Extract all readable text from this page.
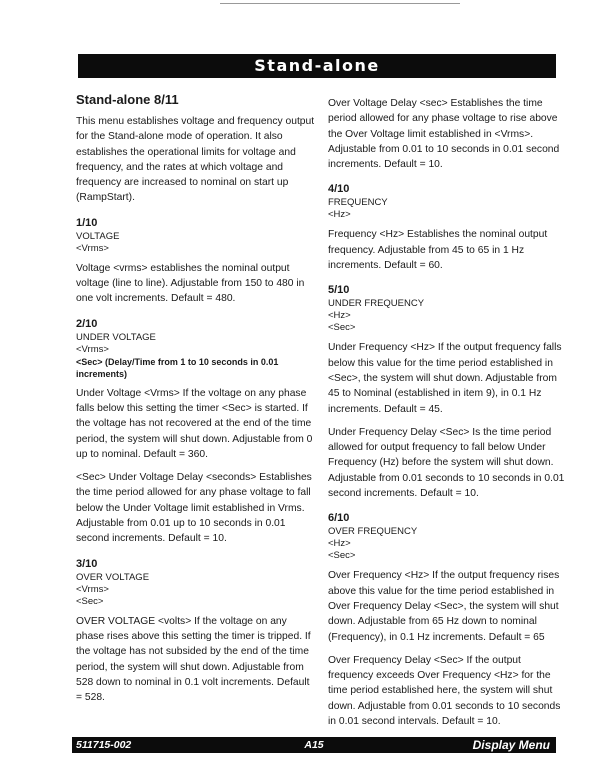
Stand-alone
Stand-alone 8/11

This menu establishes voltage and frequency output for the Stand-alone mode of operation. It also establishes the operational limits for voltage and frequency, and the rates at which voltage and frequency are increased to nominal on start up (RampStart).

1/10
VOLTAGE
<Vrms>

Voltage <vrms> establishes the nominal output voltage (line to line). Adjustable from 150 to 480 in one volt increments. Default = 480.

2/10
UNDER VOLTAGE
<Vrms>
<Sec> (Delay/Time from 1 to 10 seconds in 0.01 increments)

Under Voltage <Vrms> If the voltage on any phase falls below this setting the timer <Sec> is started. If the voltage has not recovered at the end of the time period, the system will shut down. Adjustable from 0 up to nominal. Default = 360.

<Sec> Under Voltage Delay <seconds> Establishes the time period allowed for any phase voltage to fall below the Under Voltage limit established in Vrms. Adjustable from 0.01 up to 10 seconds in 0.01 second increments. Default = 10.

3/10
OVER VOLTAGE
<Vrms>
<Sec>

OVER VOLTAGE <volts> If the voltage on any phase rises above this setting the timer is tripped. If the voltage has not subsided by the end of the time period, the system will shut down. Adjustable from 528 down to nominal in 0.1 volt increments. Default = 528.

Over Voltage Delay <sec> Establishes the time period allowed for any phase voltage to rise above the Over Voltage limit established in <Vrms>. Adjustable from 0.01 to 10 seconds in 0.01 second increments. Default = 10.

4/10
FREQUENCY
<Hz>

Frequency <Hz> Establishes the nominal output frequency. Adjustable from 45 to 65 in 1 Hz increments. Default = 60.

5/10
UNDER FREQUENCY
<Hz>
<Sec>

Under Frequency <Hz> If the output frequency falls below this value for the time period established in <Sec>, the system will shut down. Adjustable from 45 to Nominal (established in item 9), in 0.1 Hz increments. Default = 45.

Under Frequency Delay <Sec> Is the time period allowed for output frequency to fall below Under Frequency (Hz) before the system will shut down. Adjustable from 0.01 seconds to 10 seconds in 0.01 second increments. Default = 10.

6/10
OVER FREQUENCY
<Hz>
<Sec>

Over Frequency <Hz> If the output frequency rises above this value for the time period established in Over Frequency Delay <Sec>, the system will shut down. Adjustable from 65 Hz down to nominal (Frequency), in 0.1 Hz increments. Default = 65

Over Frequency Delay <Sec> If the output frequency exceeds Over Frequency <Hz> for the time period established here, the system will shut down. Adjustable from 0.01 seconds to 10 seconds in 0.01 second intervals. Default = 10.

511715-002	A15	Display Menu
